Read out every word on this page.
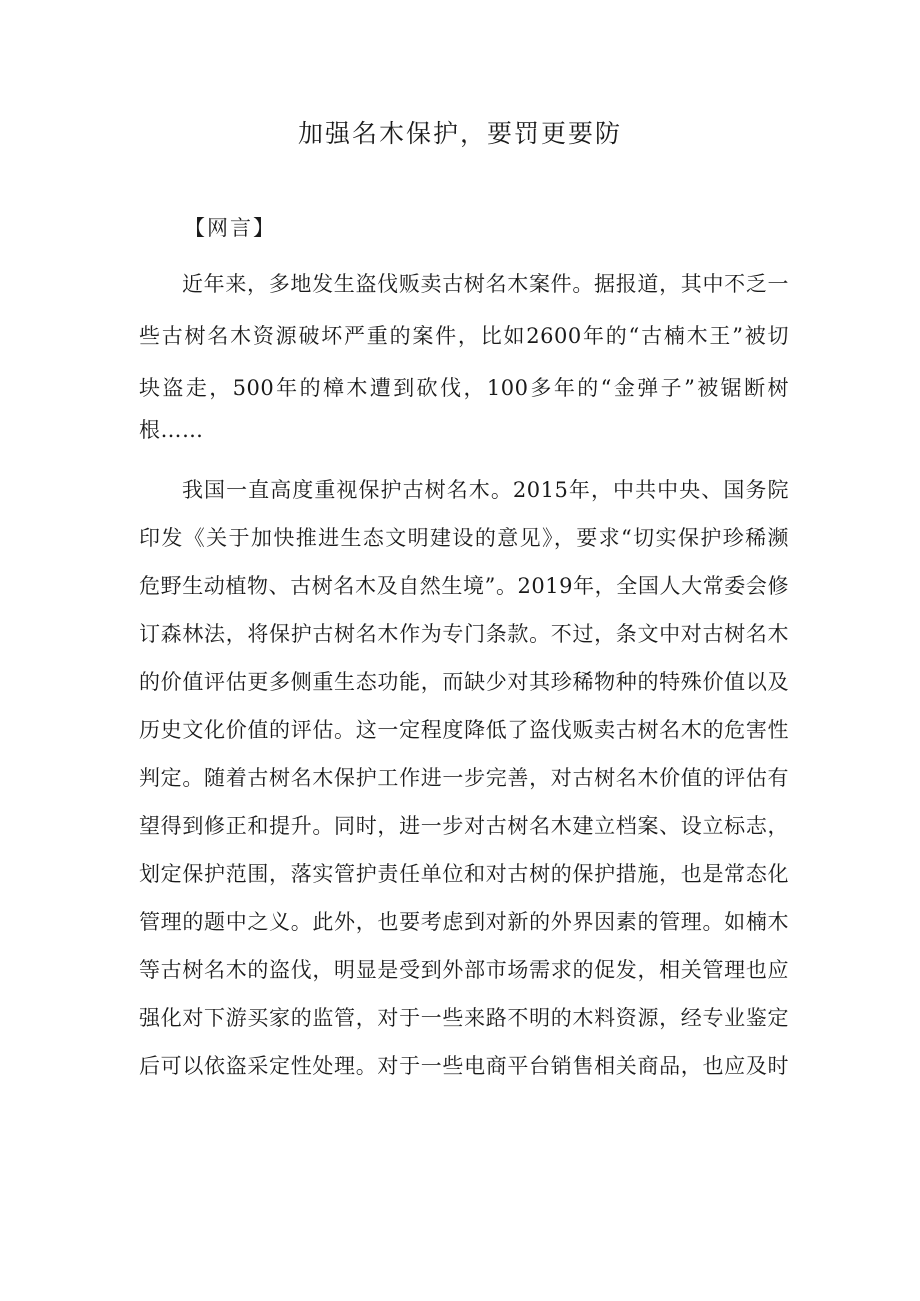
加强名木保护，要罚更要防
【网言】
近年来，多地发生盗伐贩卖古树名木案件。据报道，其中不乏一
些古树名木资源破坏严重的案件，比如2600年的“古楠木王”被切
块盗走，500年的樟木遭到砍伐，100多年的“金弹子”被锯断树
根……
我国一直高度重视保护古树名木。2015年，中共中央、国务院
印发《关于加快推进生态文明建设的意见》，要求“切实保护珍稀濒
危野生动植物、古树名木及自然生境”。2019年，全国人大常委会修
订森林法，将保护古树名木作为专门条款。不过，条文中对古树名木
的价值评估更多侧重生态功能，而缺少对其珍稀物种的特殊价值以及
历史文化价值的评估。这一定程度降低了盗伐贩卖古树名木的危害性
判定。随着古树名木保护工作进一步完善，对古树名木价值的评估有
望得到修正和提升。同时，进一步对古树名木建立档案、设立标志，
划定保护范围，落实管护责任单位和对古树的保护措施，也是常态化
管理的题中之义。此外，也要考虑到对新的外界因素的管理。如楠木
等古树名木的盗伐，明显是受到外部市场需求的促发，相关管理也应
强化对下游买家的监管，对于一些来路不明的木料资源，经专业鉴定
后可以依盗采定性处理。对于一些电商平台销售相关商品，也应及时
